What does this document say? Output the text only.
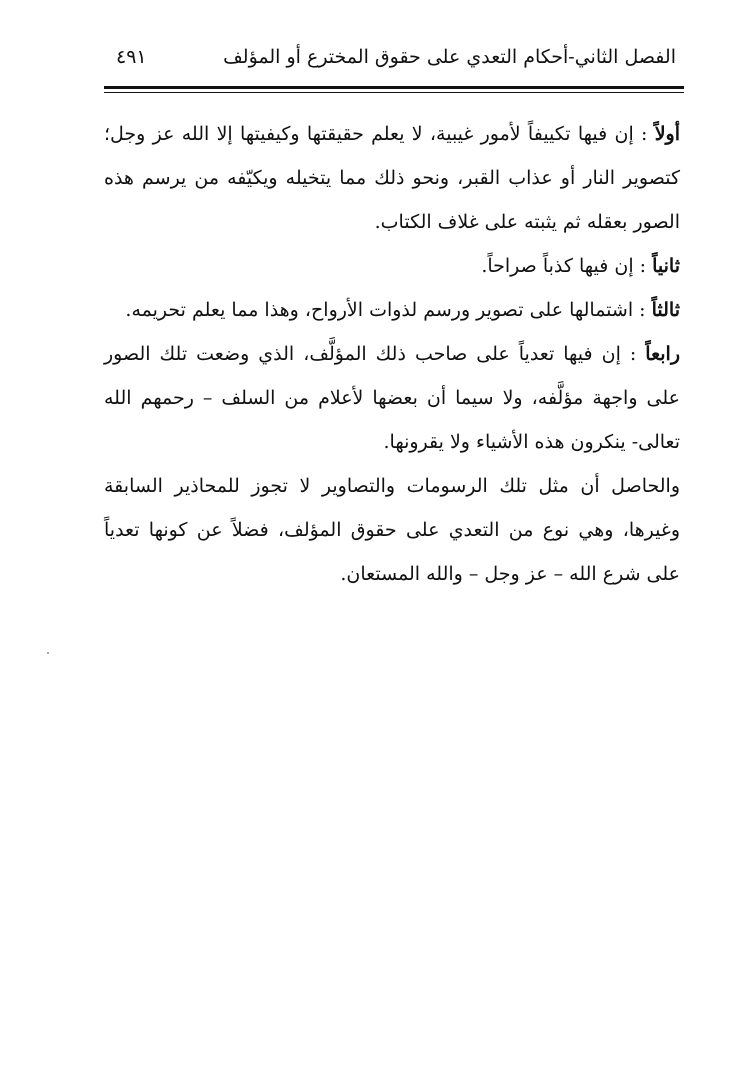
الفصل الثاني-أحكام التعدي على حقوق المخترع أو المؤلف
٤٩١

أولاً : إن فيها تكييفاً لأمور غيبية، لا يعلم حقيقتها وكيفيتها إلا الله عز وجل؛ كتصوير النار أو عذاب القبر، ونحو ذلك مما يتخيله ويكيّفه من يرسم هذه الصور بعقله ثم يثبته على غلاف الكتاب.

ثانياً : إن فيها كذباً صراحاً.

ثالثاً : اشتمالها على تصوير ورسم لذوات الأرواح، وهذا مما يعلم تحريمه.

رابعاً : إن فيها تعدياً على صاحب ذلك المؤلَّف، الذي وضعت تلك الصور على واجهة مؤلَّفه، ولا سيما أن بعضها لأعلام من السلف – رحمهم الله تعالى- ينكرون هذه الأشياء ولا يقرونها.

والحاصل أن مثل تلك الرسومات والتصاوير لا تجوز للمحاذير السابقة وغيرها، وهي نوع من التعدي على حقوق المؤلف، فضلاً عن كونها تعدياً على شرع الله – عز وجل – والله المستعان.
